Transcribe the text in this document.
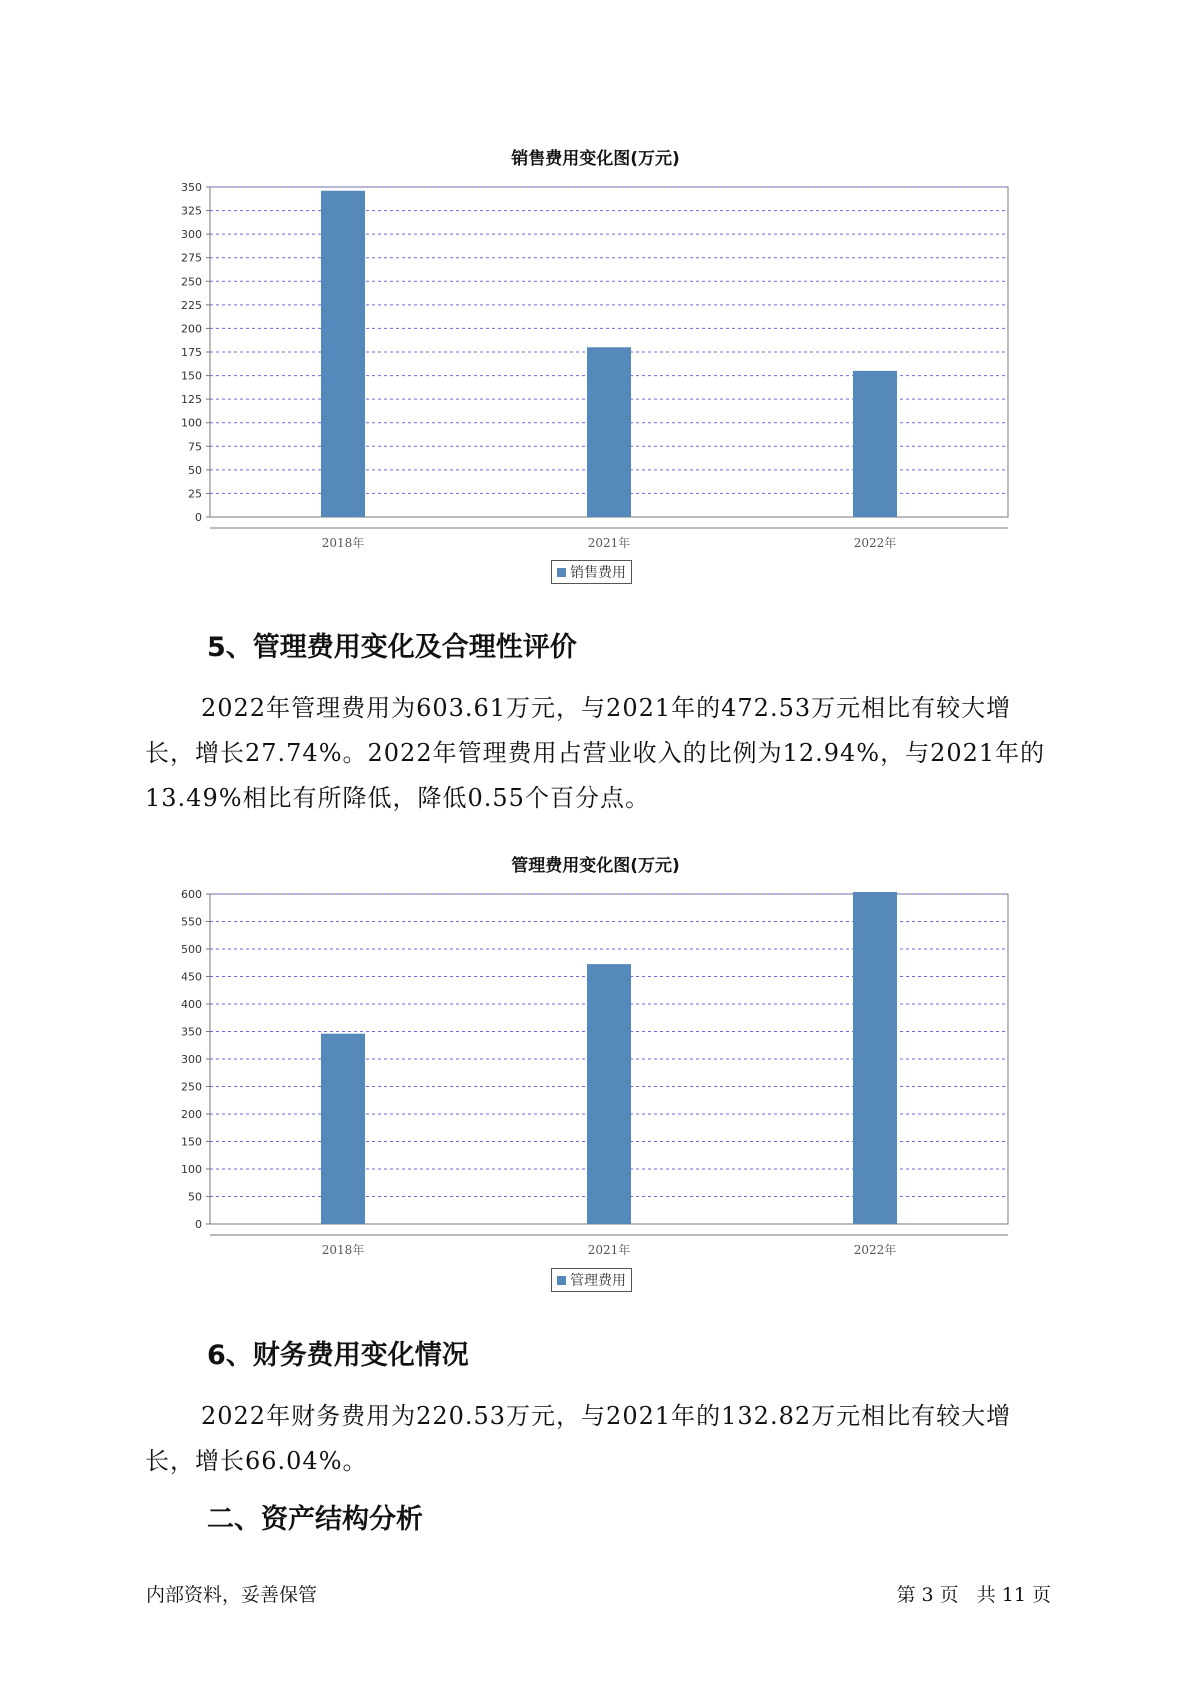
销售费用变化图(万元)
0
25
50
75
100
125
150
175
200
225
250
275
300
325
350
2018年	2021年	2022年
销售费用
5、管理费用变化及合理性评价

2022年管理费用为603.61万元，与2021年的472.53万元相比有较大增长，增长27.74%。2022年管理费用占营业收入的比例为12.94%，与2021年的13.49%相比有所降低，降低0.55个百分点。

管理费用变化图(万元)
0
50
100
150
200
250
300
350
400
450
500
550
600
2018年	2021年	2022年
管理费用
6、财务费用变化情况

2022年财务费用为220.53万元，与2021年的132.82万元相比有较大增长，增长66.04%。

二、资产结构分析
内部资料，妥善保管	第 3 页   共 11 页
